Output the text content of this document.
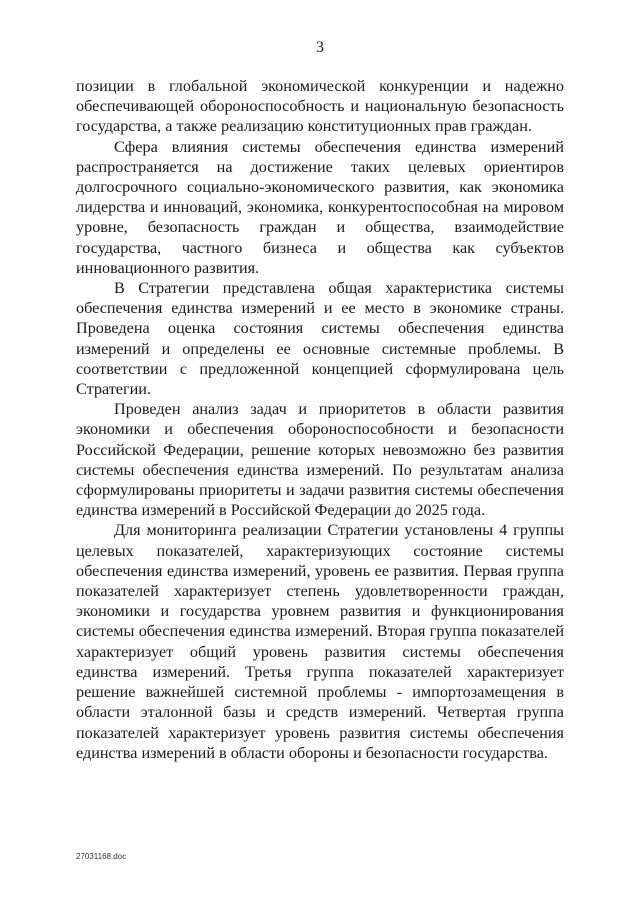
3

позиции в глобальной экономической конкуренции и надежно обеспечивающей обороноспособность и национальную безопасность государства, а также реализацию конституционных прав граждан.

Сфера влияния системы обеспечения единства измерений распространяется на достижение таких целевых ориентиров долгосрочного социально-экономического развития, как экономика лидерства и инноваций, экономика, конкурентоспособная на мировом уровне, безопасность граждан и общества, взаимодействие государства, частного бизнеса и общества как субъектов инновационного развития.

В Стратегии представлена общая характеристика системы обеспечения единства измерений и ее место в экономике страны. Проведена оценка состояния системы обеспечения единства измерений и определены ее основные системные проблемы. В соответствии с предложенной концепцией сформулирована цель Стратегии.

Проведен анализ задач и приоритетов в области развития экономики и обеспечения обороноспособности и безопасности Российской Федерации, решение которых невозможно без развития системы обеспечения единства измерений. По результатам анализа сформулированы приоритеты и задачи развития системы обеспечения единства измерений в Российской Федерации до 2025 года.

Для мониторинга реализации Стратегии установлены 4 группы целевых показателей, характеризующих состояние системы обеспечения единства измерений, уровень ее развития. Первая группа показателей характеризует степень удовлетворенности граждан, экономики и государства уровнем развития и функционирования системы обеспечения единства измерений. Вторая группа показателей характеризует общий уровень развития системы обеспечения единства измерений. Третья группа показателей характеризует решение важнейшей системной проблемы - импортозамещения в области эталонной базы и средств измерений. Четвертая группа показателей характеризует уровень развития системы обеспечения единства измерений в области обороны и безопасности государства.

27031168.doc
